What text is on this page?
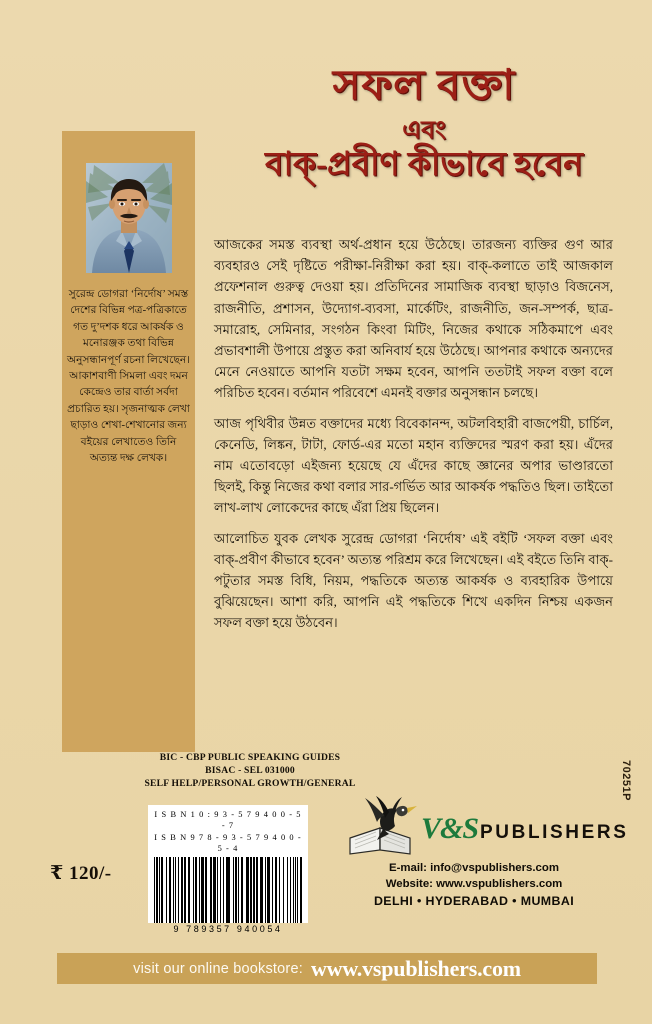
সফল বক্তা
এবং
বাক্-প্রবীণ কীভাবে হবেন
সুরেন্দ্র ডোগরা ‘নির্দোষ’ সমস্ত দেশের বিভিন্ন পত্র-পত্রিকাতে গত দু’দশক ধরে আকর্ষক ও মনোরঞ্জক তথা বিভিন্ন অনুসন্ধানপূর্ণ রচনা লিখেছেন। আকাশবাণী সিমলা এবং দমন কেন্দ্রেও তার বার্তা সর্বদা প্রচারিত হয়। সৃজনাত্মক লেখা ছাড়াও শেখা-শেখানোর জন্য বইয়ের লেখাতেও তিনি অত্যন্ত দক্ষ লেখক।

আজকের সমস্ত ব্যবস্থা অর্থ-প্রধান হয়ে উঠেছে। তারজন্য ব্যক্তির গুণ আর ব্যবহারও সেই দৃষ্টিতে পরীক্ষা-নিরীক্ষা করা হয়। বাক্-কলাতে তাই আজকাল প্রফেশনাল গুরুত্ব দেওয়া হয়। প্রতিদিনের সামাজিক ব্যবস্থা ছাড়াও বিজনেস, রাজনীতি, প্রশাসন, উদ্যোগ-ব্যবসা, মার্কেটিং, রাজনীতি, জন-সম্পর্ক, ছাত্র-সমারোহ, সেমিনার, সংগঠন কিংবা মিটিং, নিজের কথাকে সঠিকমাপে এবং প্রভাবশালী উপায়ে প্রস্তুত করা অনিবার্য হয়ে উঠেছে। আপনার কথাকে অন্যদের মেনে নেওয়াতে আপনি যতটা সক্ষম হবেন, আপনি ততটাই সফল বক্তা বলে পরিচিত হবেন। বর্তমান পরিবেশে এমনই বক্তার অনুসন্ধান চলছে।

আজ পৃথিবীর উন্নত বক্তাদের মধ্যে বিবেকানন্দ, অটলবিহারী বাজপেয়ী, চার্চিল, কেনেডি, লিঙ্কন, টাটা, ফোর্ড-এর মতো মহান ব্যক্তিদের স্মরণ করা হয়। এঁদের নাম এতোবড়ো এইজন্য হয়েছে যে এঁদের কাছে জ্ঞানের অপার ভাণ্ডারতো ছিলই, কিন্তু নিজের কথা বলার সার-গর্ভিত আর আকর্ষক পদ্ধতিও ছিল। তাইতো লাখ-লাখ লোকেদের কাছে এঁরা প্রিয় ছিলেন।

আলোচিত যুবক লেখক সুরেন্দ্র ডোগরা ‘নির্দোষ’ এই বইটি ‘সফল বক্তা এবং বাক্-প্রবীণ কীভাবে হবেন’ অত্যন্ত পরিশ্রম করে লিখেছেন। এই বইতে তিনি বাক্-পটুতার সমস্ত বিধি, নিয়ম, পদ্ধতিকে অত্যন্ত আকর্ষক ও ব্যবহারিক উপায়ে বুঝিয়েছেন। আশা করি, আপনি এই পদ্ধতিকে শিখে একদিন নিশ্চয় একজন সফল বক্তা হয়ে উঠবেন।

BIC - CBP PUBLIC SPEAKING GUIDES
BISAC - SEL 031000
SELF HELP/PERSONAL GROWTH/GENERAL
I S B N 1 0 : 9 3 - 5 7 9 4 0 0 - 5 - 7
I S B N 9 7 8 - 9 3 - 5 7 9 4 0 0 - 5 - 4
9 789357 940054
₹ 120/-
70251P
V&S PUBLISHERS
E-mail: info@vspublishers.com
Website: www.vspublishers.com
DELHI • HYDERABAD • MUMBAI
visit our online bookstore: www.vspublishers.com
